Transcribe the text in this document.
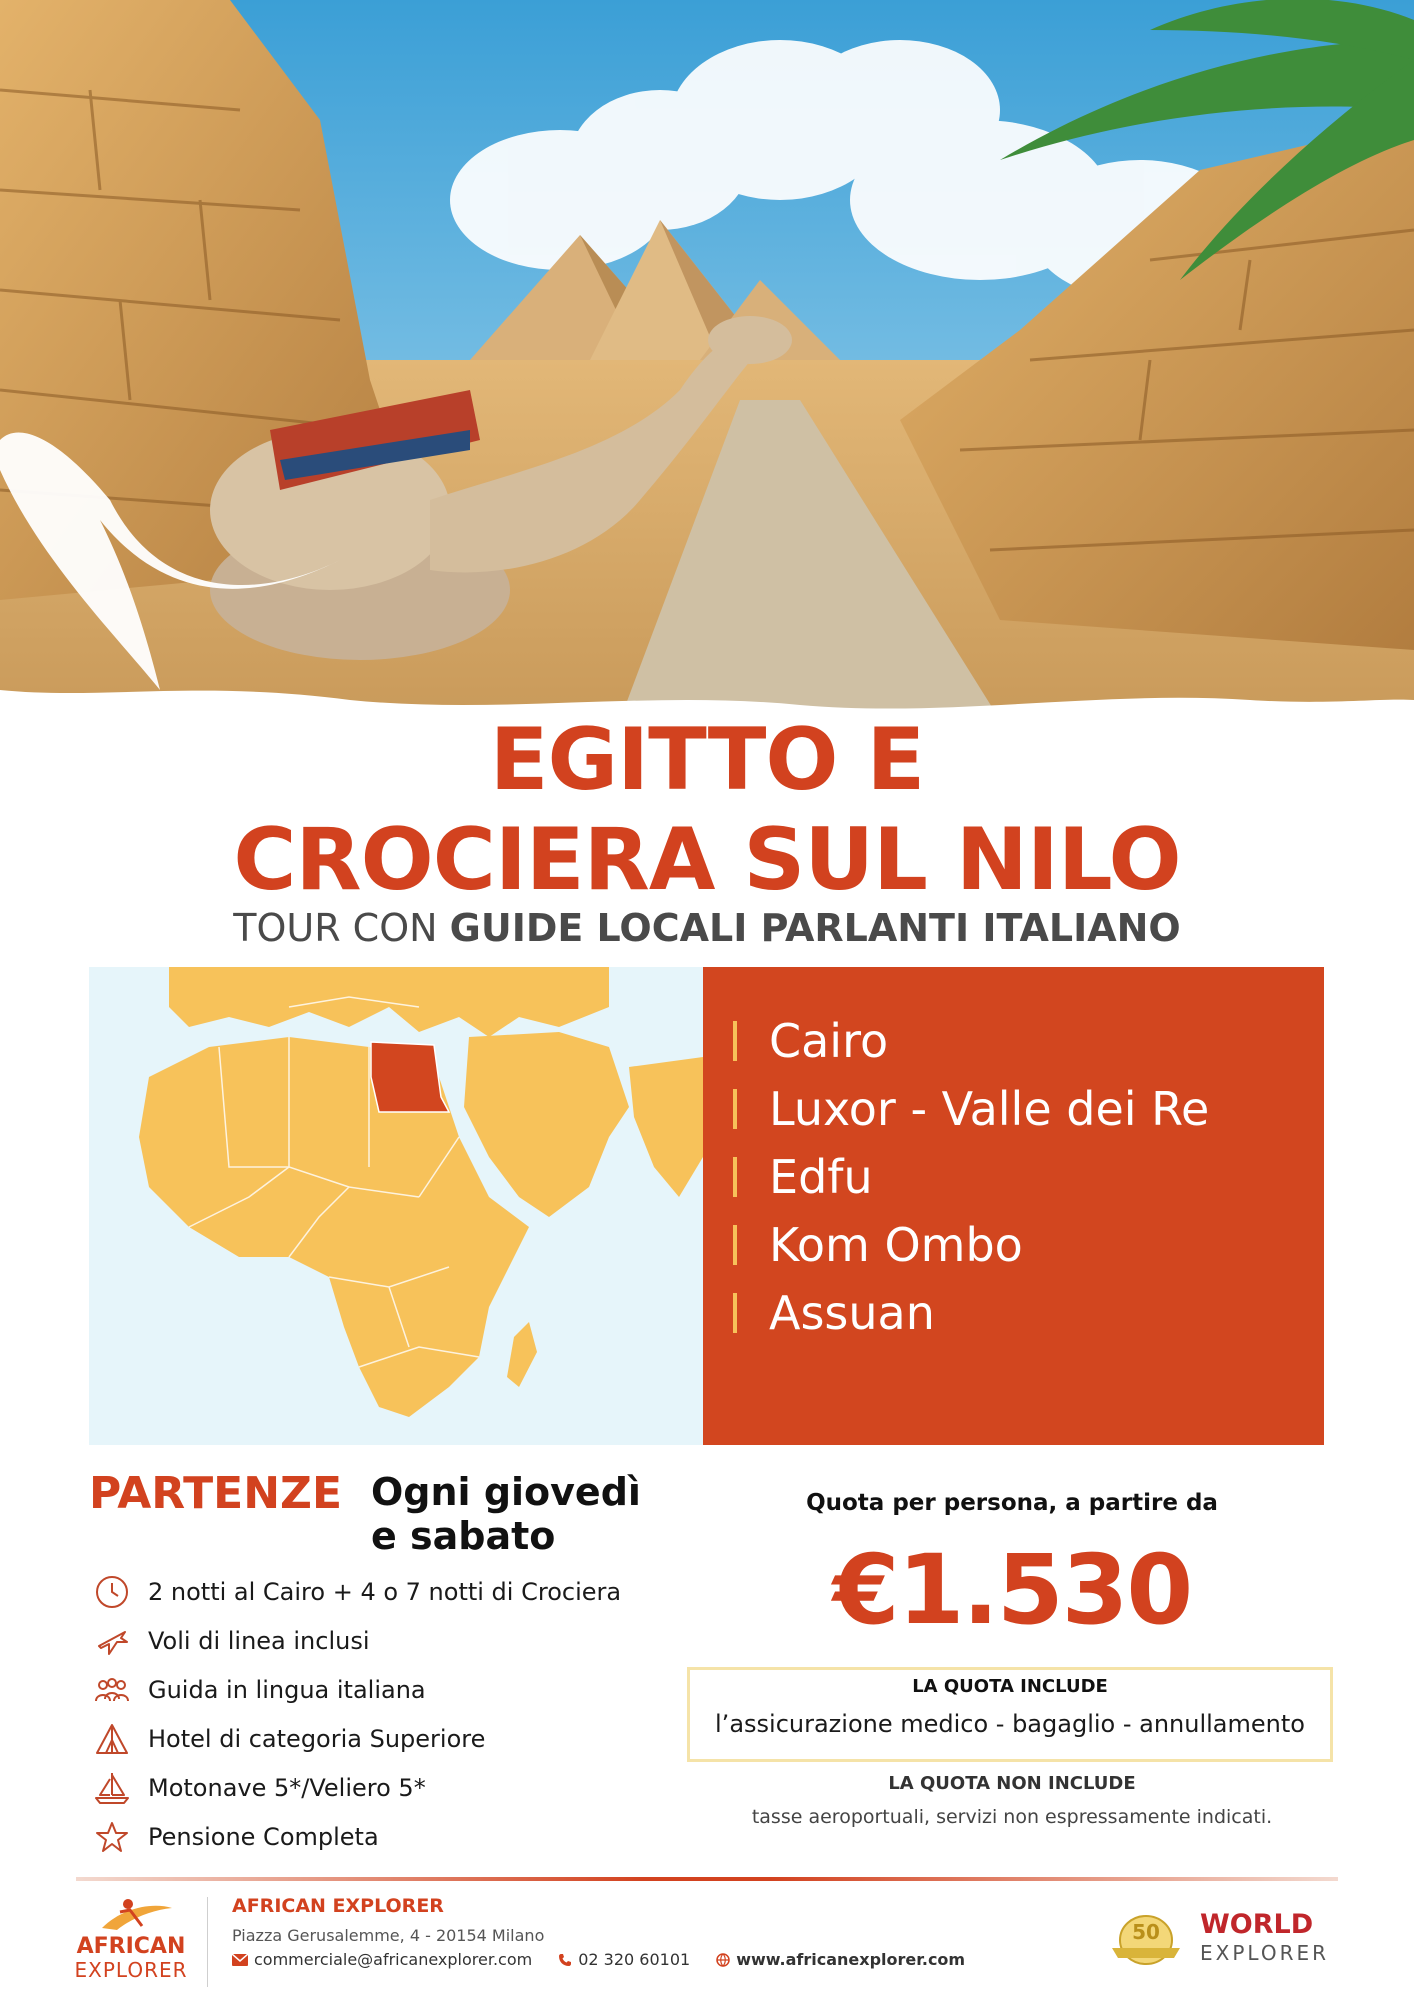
EGITTO E
CROCIERA SUL NILO
TOUR CON GUIDE LOCALI PARLANTI ITALIANO
Cairo
Luxor - Valle dei Re
Edfu
Kom Ombo
Assuan
PARTENZE Ogni giovedì e sabato
2 notti al Cairo + 4 o 7 notti di Crociera
Voli di linea inclusi
Guida in lingua italiana
Hotel di categoria Superiore
Motonave 5*/Veliero 5*
Pensione Completa
Quota per persona, a partire da
€1.530
LA QUOTA INCLUDE
l’assicurazione medico - bagaglio - annullamento
LA QUOTA NON INCLUDE
tasse aeroportuali, servizi non espressamente indicati.
AFRICAN
EXPLORER
AFRICAN EXPLORER
Piazza Gerusalemme, 4 - 20154 Milano
commerciale@africanexplorer.com	02 320 60101	www.africanexplorer.com
50	WORLD
EXPLORER
